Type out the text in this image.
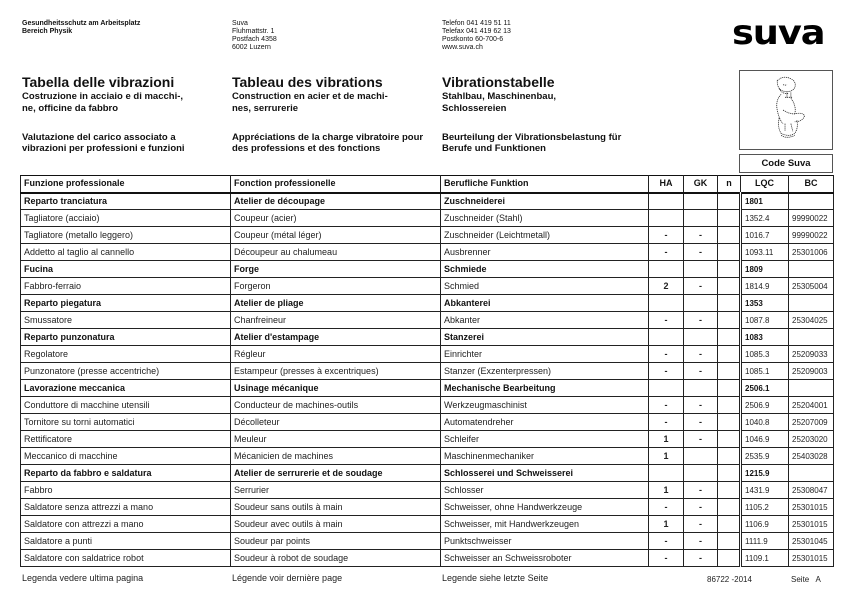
Gesundheitsschutz am Arbeitsplatz
Bereich Physik
Suva
Fluhmattstr. 1
Postfach 4358
6002 Luzern
Telefon 041 419 51 11
Telefax 041 419 62 13
Postkonto 60-700-6
www.suva.ch	suva
Tabella delle vibrazioni
Costruzione in acciaio e di macchi-,
ne, officine da fabbro
Tableau des vibrations
Construction en acier et de machi-
nes, serrurerie
Vibrationstabelle
Stahlbau, Maschinenbau,
Schlossereien
Valutazione del carico associato a
vibrazioni per professioni e funzioni
Appréciations de la charge vibratoire pour
des professions et des fonctions
Beurteilung der Vibrationsbelastung für
Berufe und Funktionen
Code Suva
Funzione professionale	Fonction professionelle	Berufliche Funktion	HA	GK	n	LQC	BC
Reparto tranciatura	Atelier de découpage	Zuschneiderei				1801	
Tagliatore (acciaio)	Coupeur (acier)	Zuschneider (Stahl)				1352.4	99990022
Tagliatore (metallo leggero)	Coupeur (métal léger)	Zuschneider (Leichtmetall)	-	-		1016.7	99990022
Addetto al taglio al cannello	Découpeur au chalumeau	Ausbrenner	-	-		1093.11	25301006
Fucina	Forge	Schmiede				1809	
Fabbro-ferraio	Forgeron	Schmied	2	-		1814.9	25305004
Reparto piegatura	Atelier de pliage	Abkanterei				1353	
Smussatore	Chanfreineur	Abkanter	-	-		1087.8	25304025
Reparto punzonatura	Atelier d'estampage	Stanzerei				1083	
Regolatore	Régleur	Einrichter	-	-		1085.3	25209033
Punzonatore (presse accentriche)	Estampeur (presses à excentriques)	Stanzer (Exzenterpressen)	-	-		1085.1	25209003
Lavorazione meccanica	Usinage mécanique	Mechanische Bearbeitung				2506.1	
Conduttore di macchine utensili	Conducteur de machines-outils	Werkzeugmaschinist	-	-		2506.9	25204001
Tornitore su torni automatici	Décolleteur	Automatendreher	-	-		1040.8	25207009
Rettificatore	Meuleur	Schleifer	1	-		1046.9	25203020
Meccanico di macchine	Mécanicien de machines	Maschinenmechaniker	1			2535.9	25403028
Reparto da fabbro e saldatura	Atelier de serrurerie et de soudage	Schlosserei und Schweisserei				1215.9	
Fabbro	Serrurier	Schlosser	1	-		1431.9	25308047
Saldatore senza attrezzi a mano	Soudeur sans outils à main	Schweisser, ohne Handwerkzeuge	-	-		1105.2	25301015
Saldatore con attrezzi a mano	Soudeur avec outils à main	Schweisser, mit Handwerkzeugen	1	-		1106.9	25301015
Saldatore a punti	Soudeur par points	Punktschweisser	-	-		1111.9	25301045
Saldatore con saldatrice robot	Soudeur à robot de soudage	Schweisser an Schweissroboter	-	-		1109.1	25301015
Legenda vedere ultima pagina	Légende voir dernière page	Legende siehe letzte Seite	86722 -2014	Seite   A
